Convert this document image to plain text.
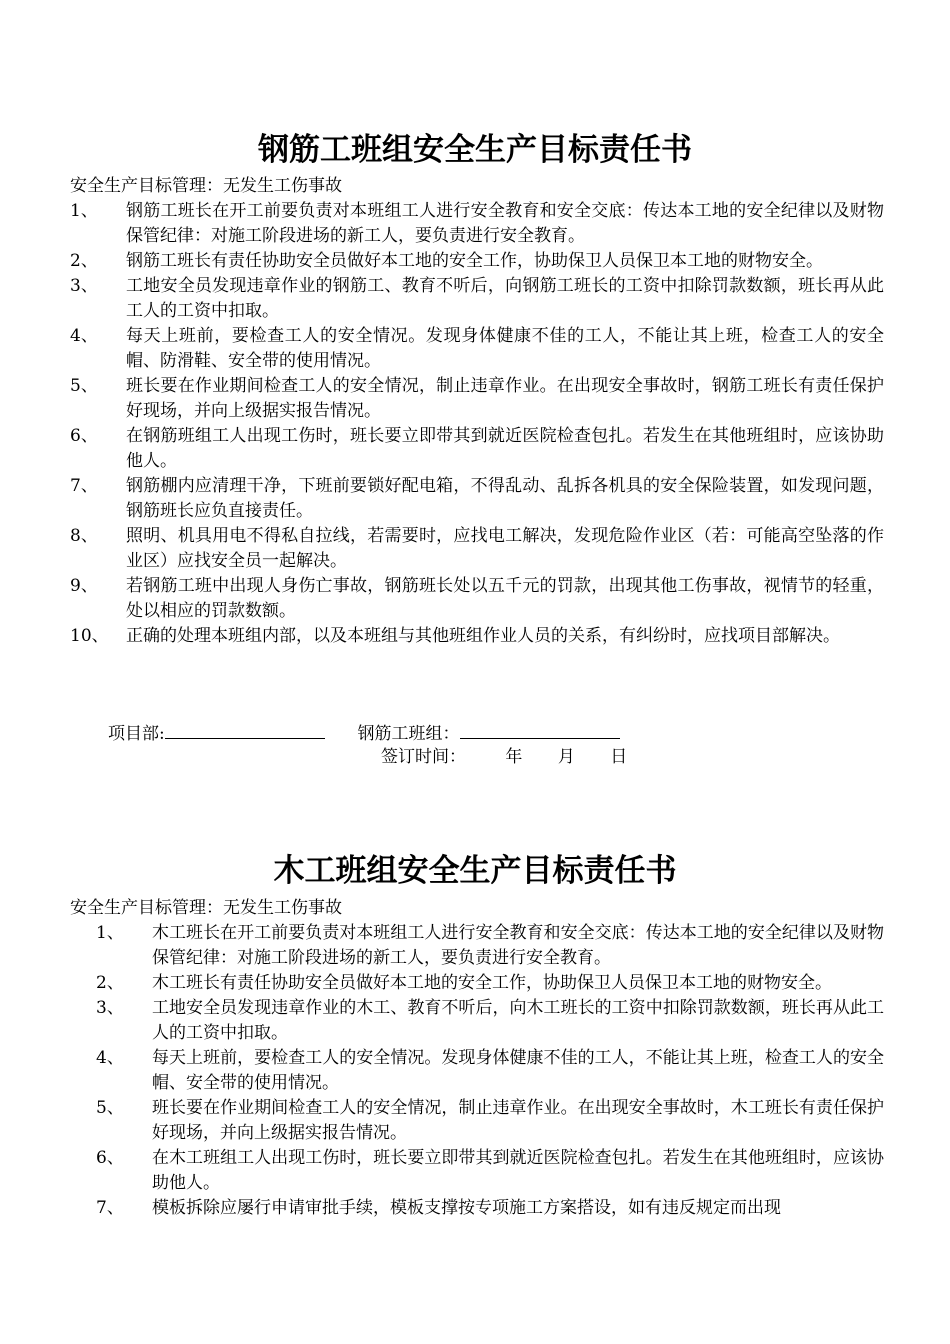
钢筋工班组安全生产目标责任书
安全生产目标管理：无发生工伤事故
1、 钢筋工班长在开工前要负责对本班组工人进行安全教育和安全交底：传达本工地的安全纪律以及财物保管纪律：对施工阶段进场的新工人，要负责进行安全教育。
2、 钢筋工班长有责任协助安全员做好本工地的安全工作，协助保卫人员保卫本工地的财物安全。
3、 工地安全员发现违章作业的钢筋工、教育不听后，向钢筋工班长的工资中扣除罚款数额，班长再从此工人的工资中扣取。
4、 每天上班前，要检查工人的安全情况。发现身体健康不佳的工人，不能让其上班，检查工人的安全帽、防滑鞋、安全带的使用情况。
5、 班长要在作业期间检查工人的安全情况，制止违章作业。在出现安全事故时，钢筋工班长有责任保护好现场，并向上级据实报告情况。
6、 在钢筋班组工人出现工伤时，班长要立即带其到就近医院检查包扎。若发生在其他班组时，应该协助他人。
7、 钢筋棚内应清理干净，下班前要锁好配电箱，不得乱动、乱拆各机具的安全保险装置，如发现问题，钢筋班长应负直接责任。
8、 照明、机具用电不得私自拉线，若需要时，应找电工解决，发现危险作业区（若：可能高空坠落的作业区）应找安全员一起解决。
9、 若钢筋工班中出现人身伤亡事故，钢筋班长处以五千元的罚款，出现其他工伤事故，视情节的轻重，处以相应的罚款数额。
10、 正确的处理本班组内部，以及本班组与其他班组作业人员的关系，有纠纷时，应找项目部解决。
项目部:	钢筋工班组：
签订时间： 年 月 日
木工班组安全生产目标责任书
安全生产目标管理：无发生工伤事故
1、 木工班长在开工前要负责对本班组工人进行安全教育和安全交底：传达本工地的安全纪律以及财物保管纪律：对施工阶段进场的新工人，要负责进行安全教育。
2、 木工班长有责任协助安全员做好本工地的安全工作，协助保卫人员保卫本工地的财物安全。
3、 工地安全员发现违章作业的木工、教育不听后，向木工班长的工资中扣除罚款数额，班长再从此工人的工资中扣取。
4、 每天上班前，要检查工人的安全情况。发现身体健康不佳的工人，不能让其上班，检查工人的安全帽、安全带的使用情况。
5、 班长要在作业期间检查工人的安全情况，制止违章作业。在出现安全事故时，木工班长有责任保护好现场，并向上级据实报告情况。
6、 在木工班组工人出现工伤时，班长要立即带其到就近医院检查包扎。若发生在其他班组时，应该协助他人。
7、 模板拆除应屡行申请审批手续，模板支撑按专项施工方案搭设，如有违反规定而出现
